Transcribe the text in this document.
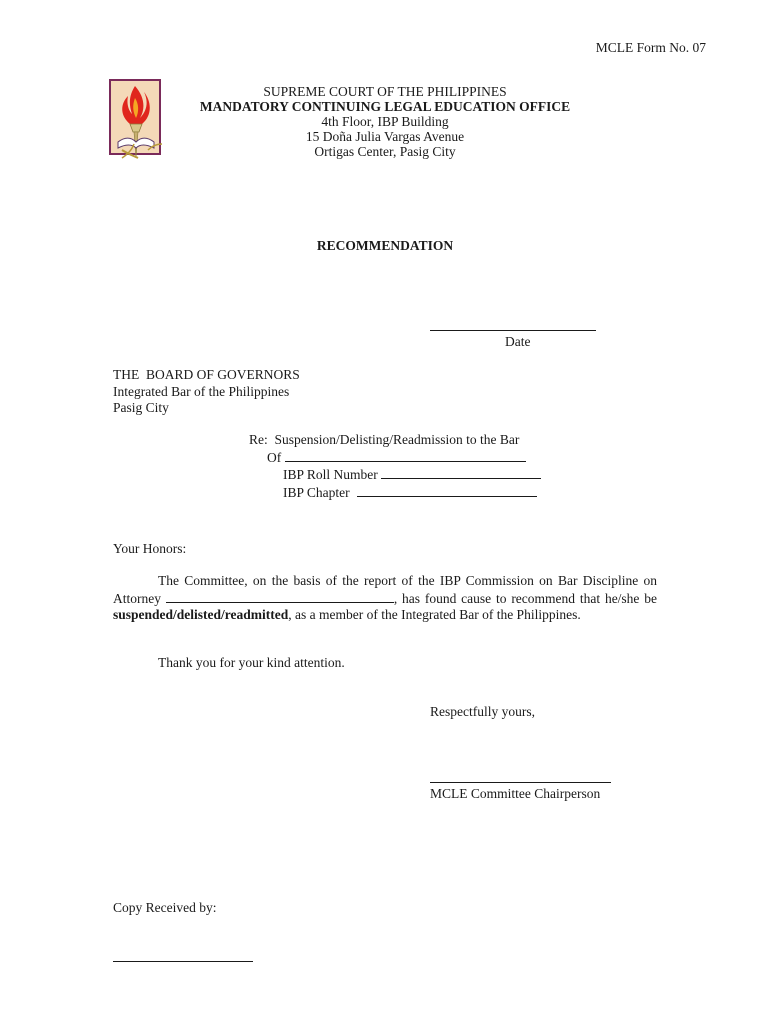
MCLE Form No. 07
SUPREME COURT OF THE PHILIPPINES
MANDATORY CONTINUING LEGAL EDUCATION OFFICE
4th Floor, IBP Building
15 Doña Julia Vargas Avenue
Ortigas Center, Pasig City
RECOMMENDATION
Date
THE  BOARD OF GOVERNORS
Integrated Bar of the Philippines
Pasig City
Re:  Suspension/Delisting/Readmission to the Bar
Of
IBP Roll Number
IBP Chapter
Your Honors:
The Committee, on the basis of the report of the IBP Commission on Bar Discipline on Attorney	, has found cause to recommend that he/she be suspended/delisted/readmitted, as a member of the Integrated Bar of the Philippines.
Thank you for your kind attention.
Respectfully yours,
MCLE Committee Chairperson
Copy Received by:
